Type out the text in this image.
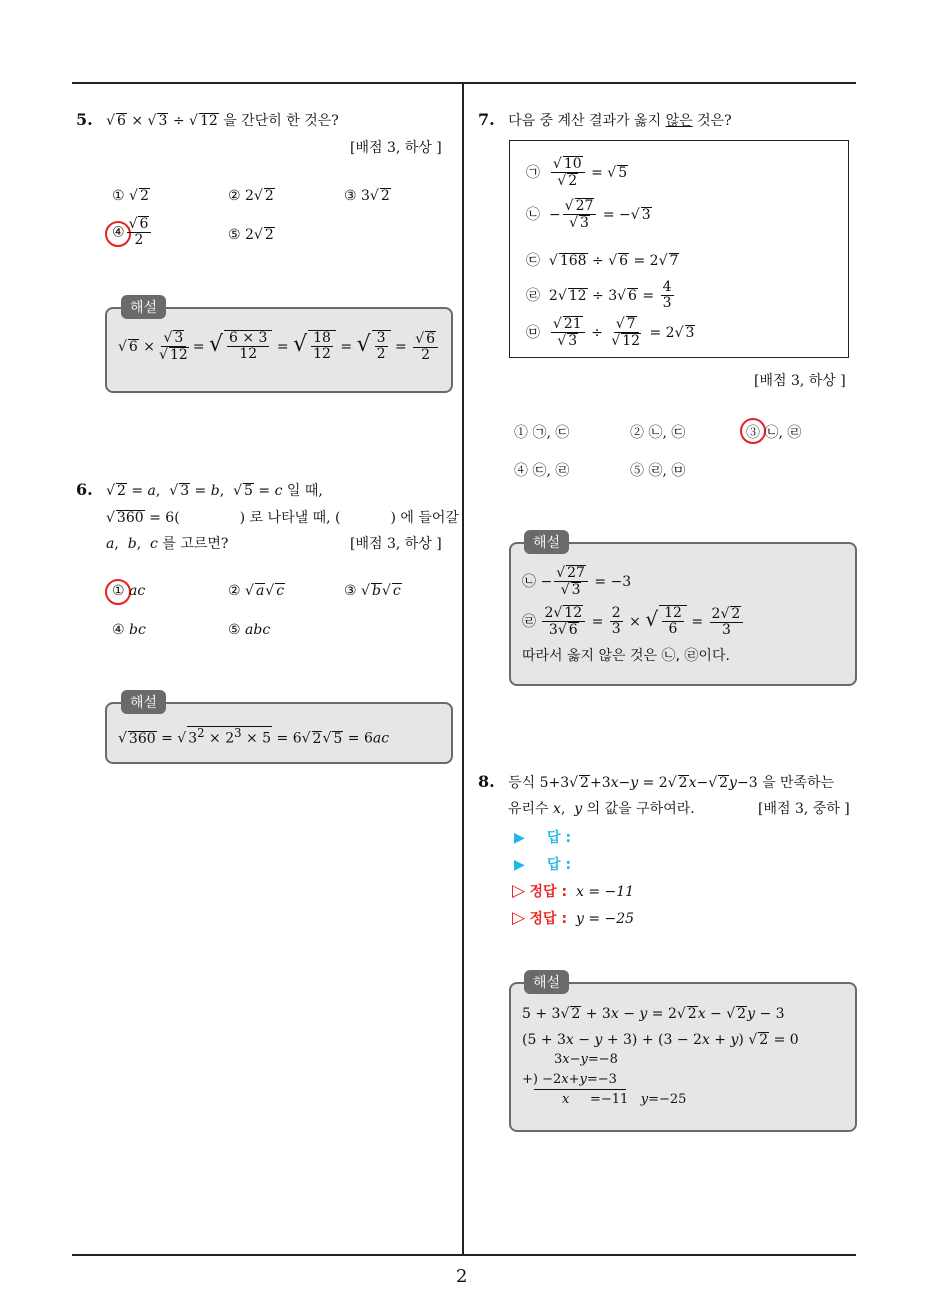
2
5. √ 6 × √ 3 ÷ √ 12 을 간단히 한 것은?
[배점 3, 하상 ]
① √ 2	② 2√ 2	③ 3√ 2
④ $\frac{√ 6}{2}$	⑤ 2√ 2
해설
√ $6 \times \frac{√ 3}{√ 12}$ = √ $\frac{6 \times 3}{12}$ = √ $\frac{18}{12}$ = √ $\frac{3}{2} = \frac{√ 6}{2}$
6. √ 2 = a,  √ 3 = b,  √ 5 = c 일 때,
√ 360 = 6(	) 로 나타낼 때, (	) 에 들어갈
a,  b,  c 를 고르면?	[배점 3, 하상 ]
① ac	② √ a√ c	③ √ b√ c
④ bc	⑤ abc
해설
√ 360 = √ $3^2 \times 2^3 \times 5 = 6√$ 2√ 5 = 6ac
7. 다음 중 계산 결과가 옳지 않은 것은?
㉠ $\frac{√ 10}{√ 2}$ = √ 5
㉡  − $\frac{√ 27}{√ 3}$ = −√ 3
㉢ √ 168 ÷ √ 6 = 2√ 7
㉣  2√ 12 ÷ 3√ $6 = \frac{4}{3}$
㉤ $\frac{√ 21}{√ 3} \div \frac{√ 7}{√ 12} = 2√$ 3
[배점 3, 하상 ]
① ㉠, ㉢	② ㉡, ㉢	③ ㉡, ㉣
④ ㉢, ㉣	⑤ ㉣, ㉤
해설
㉡ − $\frac{√ 27}{√ 3} = -3$
㉣ $\frac{2√ 12}{3√ 6} = \frac{2}{3}$ × √ $\frac{12}{6} = \frac{2√ 2}{3}$
따라서 옳지 않은 것은 ㉡, ㉣이다.
8. 등식 5+3√ 2+3x−y = 2√ 2x−√ 2y−3 을 만족하는
유리수 x,  y 의 값을 구하여라.	[배점 3, 중하 ]
▶ 답 :
▶ 답 :
▷ 정답 : x = −11
▷ 정답 : y = −25
해설
5 + 3√ 2 + 3x − y = 2√ 2x − √ 2y − 3
(5 + 3x − y + 3) + (3 − 2x + y) √ 2 = 0
3x−y=−8
+) −2x+y=−3
x     =−11   y=−25
